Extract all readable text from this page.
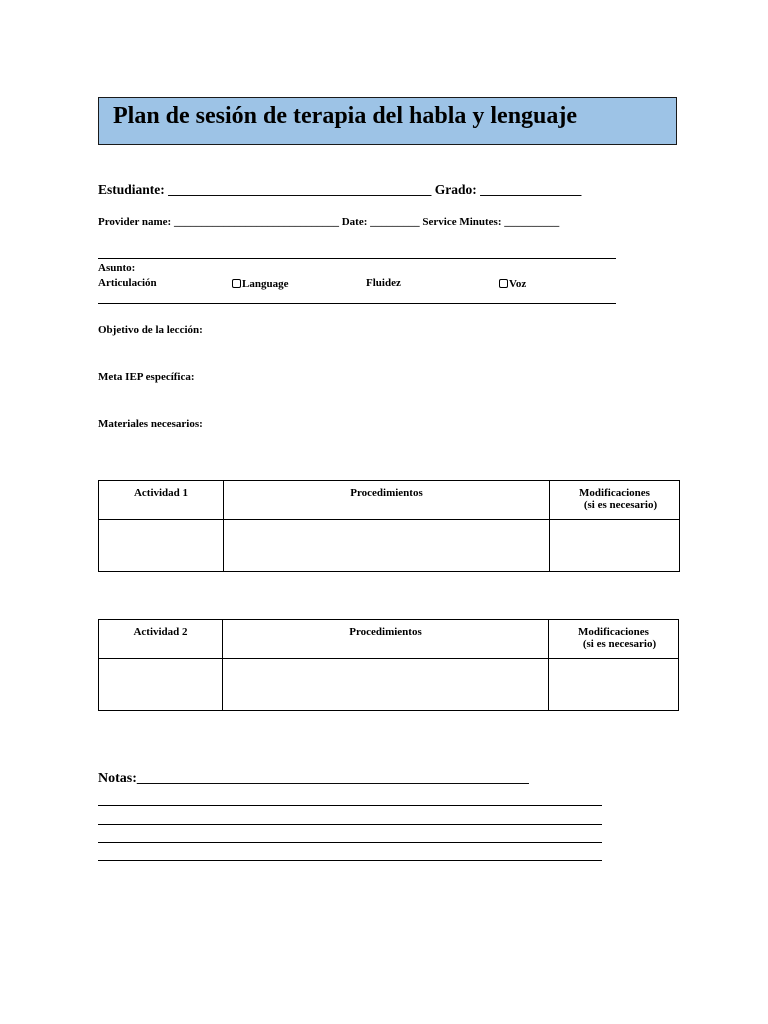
Plan de sesión de terapia del habla y lenguaje
Estudiante: _______________________________________ Grado: _______________
Provider name: ______________________________ Date: _________ Service Minutes: __________
Asunto:
Articulación	Language	Fluidez	Voz
Objetivo de la lección:
Meta IEP específica:
Materiales necesarios:
Actividad 1	Procedimientos	Modificaciones
(si es necesario)

Actividad 2	Procedimientos	Modificaciones
(si es necesario)

Notas:________________________________________________________
